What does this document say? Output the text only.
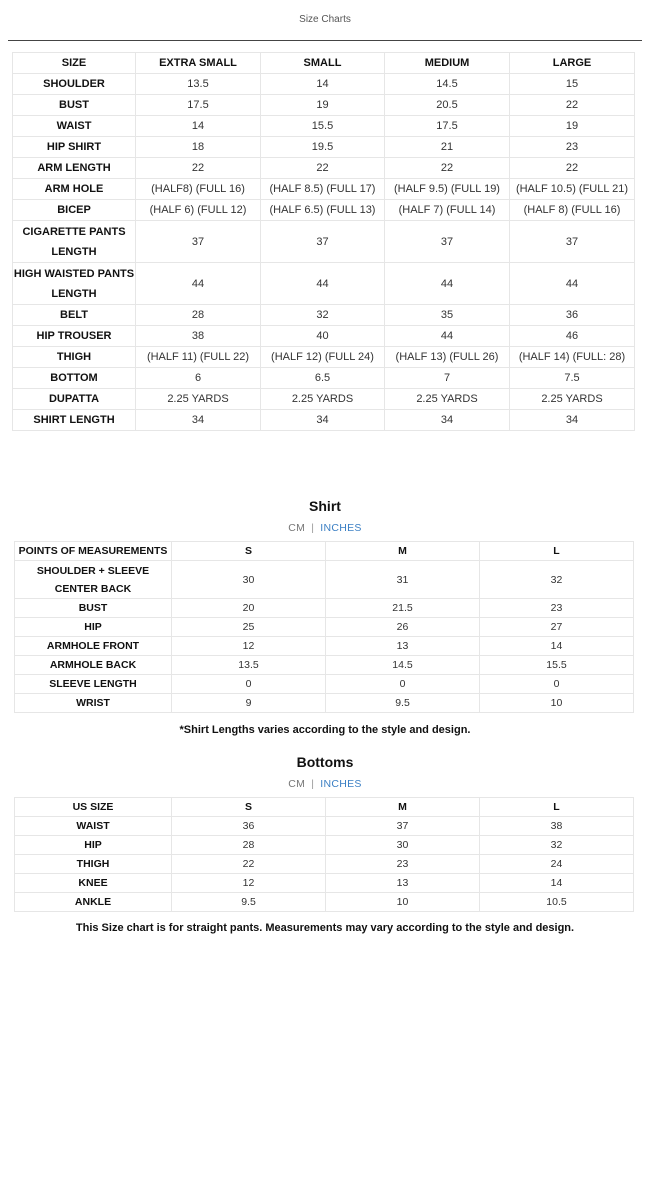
Size Charts
SIZE	EXTRA SMALL	SMALL	MEDIUM	LARGE
SHOULDER	13.5	14	14.5	15
BUST	17.5	19	20.5	22
WAIST	14	15.5	17.5	19
HIP SHIRT	18	19.5	21	23
ARM LENGTH	22	22	22	22
ARM HOLE	(HALF8) (FULL 16)	(HALF 8.5) (FULL 17)	(HALF 9.5) (FULL 19)	(HALF 10.5) (FULL 21)
BICEP	(HALF 6) (FULL 12)	(HALF 6.5) (FULL 13)	(HALF 7) (FULL 14)	(HALF 8) (FULL 16)
CIGARETTE PANTS LENGTH	37	37	37	37
HIGH WAISTED PANTS LENGTH	44	44	44	44
BELT	28	32	35	36
HIP TROUSER	38	40	44	46
THIGH	(HALF 11) (FULL 22)	(HALF 12) (FULL 24)	(HALF 13) (FULL 26)	(HALF 14) (FULL: 28)
BOTTOM	6	6.5	7	7.5
DUPATTA	2.25 YARDS	2.25 YARDS	2.25 YARDS	2.25 YARDS
SHIRT LENGTH	34	34	34	34
Shirt
CM | INCHES
POINTS OF MEASUREMENTS	S	M	L
SHOULDER + SLEEVE CENTER BACK	30	31	32
BUST	20	21.5	23
HIP	25	26	27
ARMHOLE FRONT	12	13	14
ARMHOLE BACK	13.5	14.5	15.5
SLEEVE LENGTH	0	0	0
WRIST	9	9.5	10
*Shirt Lengths varies according to the style and design.
Bottoms
CM | INCHES
US SIZE	S	M	L
WAIST	36	37	38
HIP	28	30	32
THIGH	22	23	24
KNEE	12	13	14
ANKLE	9.5	10	10.5
This Size chart is for straight pants. Measurements may vary according to the style and design.
